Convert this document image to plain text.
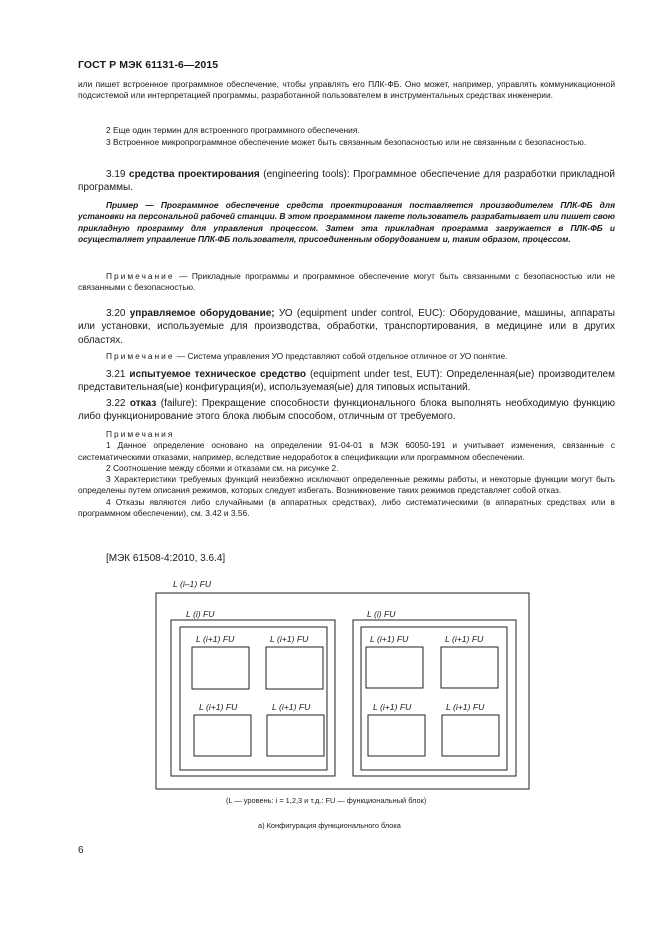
ГОСТ Р МЭК 61131-6—2015
или пишет встроенное программное обеспечение, чтобы управлять его ПЛК-ФБ. Оно может, например, управлять коммуникационной подсистемой или интерпретацией программы, разработанной пользователем в инструментальных средствах инженерии.
2 Еще один термин для встроенного программного обеспечения.
3 Встроенное микропрограммное обеспечение может быть связанным безопасностью или не связанным с безопасностью.
3.19 средства проектирования (engineering tools): Программное обеспечение для разработки прикладной программы.
Пример — Программное обеспечение средств проектирования поставляется производителем ПЛК-ФБ для установки на персональной рабочей станции. В этом программном пакете пользователь разрабатывает или пишет свою прикладную программу для управления процессом. Затем эта прикладная программа загружается в ПЛК-ФБ и осуществляет управление ПЛК-ФБ пользователя, присоединенным оборудованием и, таким образом, процессом.
Примечание — Прикладные программы и программное обеспечение могут быть связанными с безопасностью или не связанными с безопасностью.
3.20 управляемое оборудование; УО (equipment under control, EUC): Оборудование, машины, аппараты или установки, используемые для производства, обработки, транспортирования, в медицине или в других областях.
Примечание — Система управления УО представляют собой отдельное отличное от УО понятие.
3.21 испытуемое техническое средство (equipment under test, EUT): Определенная(ые) производителем представительная(ые) конфигурация(и), используемая(ые) для типовых испытаний.
3.22 отказ (failure): Прекращение способности функционального блока выполнять необходимую функцию либо функционирование этого блока любым способом, отличным от требуемого.
Примечания
1 Данное определение основано на определении 91-04-01 в МЭК 60050-191 и учитывает изменения, связанные с систематическими отказами, например, вследствие недоработок в спецификации или программном обеспечении.
2 Соотношение между сбоями и отказами см. на рисунке 2.
3 Характеристики требуемых функций неизбежно исключают определенные режимы работы, и некоторые функции могут быть определены путем описания режимов, которых следует избегать. Возникновение таких режимов представляет собой отказ.
4 Отказы являются либо случайными (в аппаратных средствах), либо систематическими (в аппаратных средствах или в программном обеспечении), см. 3.42 и 3.56.
[МЭК 61508-4:2010, 3.6.4]
L (i–1) FU
L (i) FU	L (i) FU
L (i+1) FU	L (i+1) FU
L (i+1) FU	L (i+1) FU
L (i+1) FU	L (i+1) FU
L (i+1) FU	L (i+1) FU
(L — уровень: i = 1,2,3 и т.д.: FU — функциональный блок)
а) Конфигурация функционального блока
6
